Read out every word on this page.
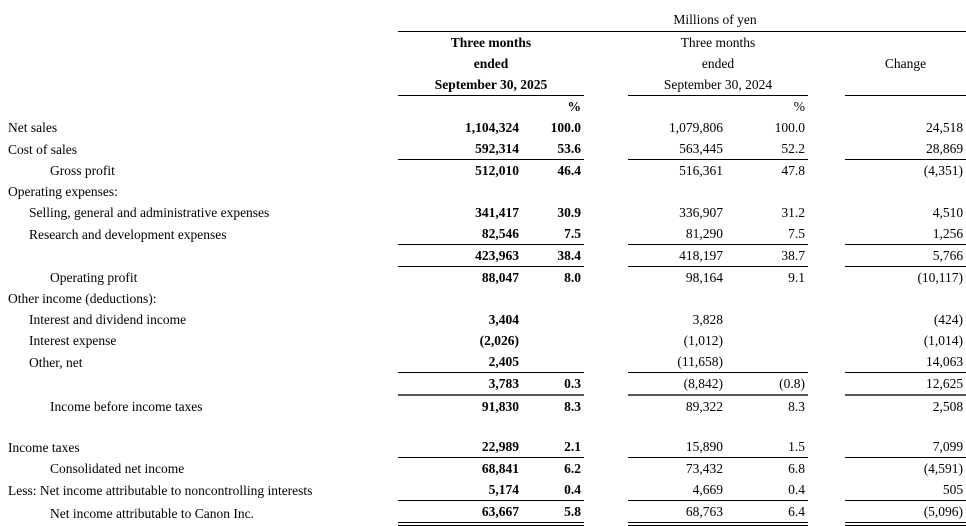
	Millions of yen						
	Three months			Three months			
	ended			ended			Change
	September 30, 2025			September 30, 2024			
		%			%		
Net sales	1,104,324	100.0		1,079,806	100.0		24,518
Cost of sales	592,314	53.6		563,445	52.2		28,869
Gross profit	512,010	46.4		516,361	47.8		(4,351)
Operating expenses:							
Selling, general and administrative expenses	341,417	30.9		336,907	31.2		4,510
Research and development expenses	82,546	7.5		81,290	7.5		1,256
	423,963	38.4		418,197	38.7		5,766
Operating profit	88,047	8.0		98,164	9.1		(10,117)
Other income (deductions):							
Interest and dividend income	3,404			3,828			(424)
Interest expense	(2,026)			(1,012)			(1,014)
Other, net	2,405			(11,658)			14,063
	3,783	0.3		(8,842)	(0.8)		12,625
Income before income taxes	91,830	8.3		89,322	8.3		2,508

Income taxes	22,989	2.1		15,890	1.5		7,099
Consolidated net income	68,841	6.2		73,432	6.8		(4,591)
Less: Net income attributable to noncontrolling interests	5,174	0.4		4,669	0.4		505
Net income attributable to Canon Inc.	63,667	5.8		68,763	6.4		(5,096)
